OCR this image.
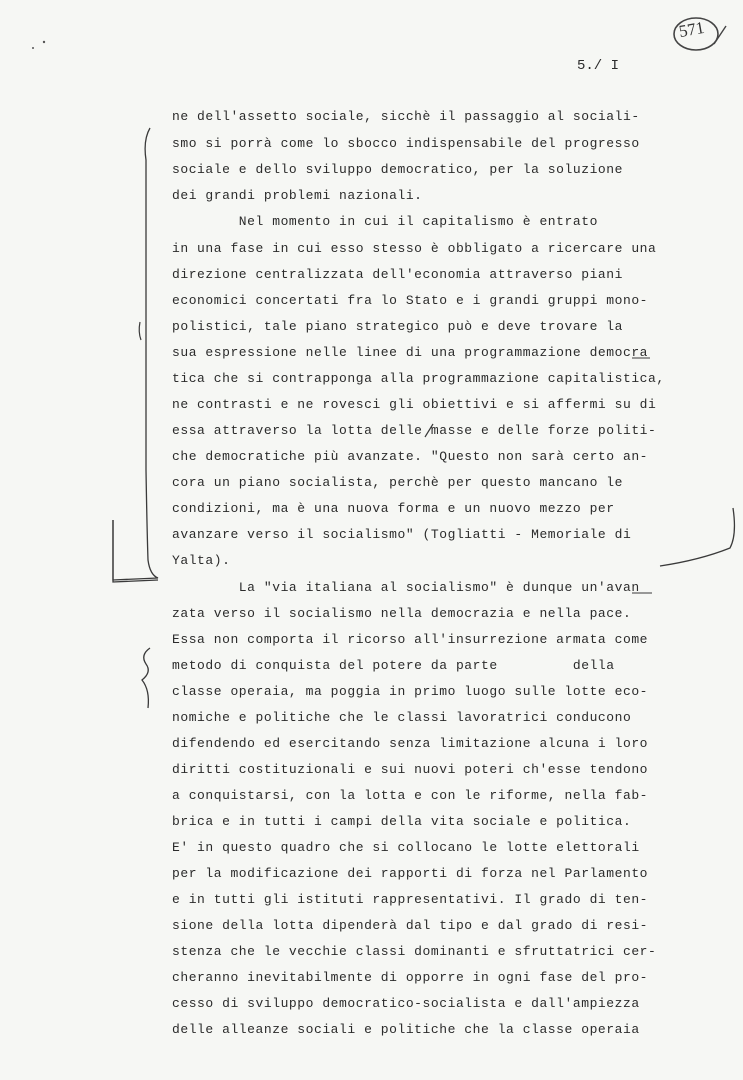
571
5./ I
ne dell'assetto sociale, sicchè il passaggio al sociali-
smo si porrà come lo sbocco indispensabile del progresso
sociale e dello sviluppo democratico, per la soluzione
dei grandi problemi nazionali.
Nel momento in cui il capitalismo è entrato
in una fase in cui esso stesso è obbligato a ricercare una
direzione centralizzata dell'economia attraverso piani
economici concertati fra lo Stato e i grandi gruppi mono-
polistici, tale piano strategico può e deve trovare la
sua espressione nelle linee di una programmazione democra
tica che si contrapponga alla programmazione capitalistica,
ne contrasti e ne rovesci gli obiettivi e si affermi su di
essa attraverso la lotta delle masse e delle forze politi-
che democratiche più avanzate. "Questo non sarà certo an-
cora un piano socialista, perchè per questo mancano le
condizioni, ma è una nuova forma e un nuovo mezzo per
avanzare verso il socialismo" (Togliatti - Memoriale di
Yalta).
La "via italiana al socialismo" è dunque un'avan
zata verso il socialismo nella democrazia e nella pace.
Essa non comporta il ricorso all'insurrezione armata come
metodo di conquista del potere da parte         della
classe operaia, ma poggia in primo luogo sulle lotte eco-
nomiche e politiche che le classi lavoratrici conducono
difendendo ed esercitando senza limitazione alcuna i loro
diritti costituzionali e sui nuovi poteri ch'esse tendono
a conquistarsi, con la lotta e con le riforme, nella fab-
brica e in tutti i campi della vita sociale e politica.
E' in questo quadro che si collocano le lotte elettorali
per la modificazione dei rapporti di forza nel Parlamento
e in tutti gli istituti rappresentativi. Il grado di ten-
sione della lotta dipenderà dal tipo e dal grado di resi-
stenza che le vecchie classi dominanti e sfruttatrici cer-
cheranno inevitabilmente di opporre in ogni fase del pro-
cesso di sviluppo democratico-socialista e dall'ampiezza
delle alleanze sociali e politiche che la classe operaia
